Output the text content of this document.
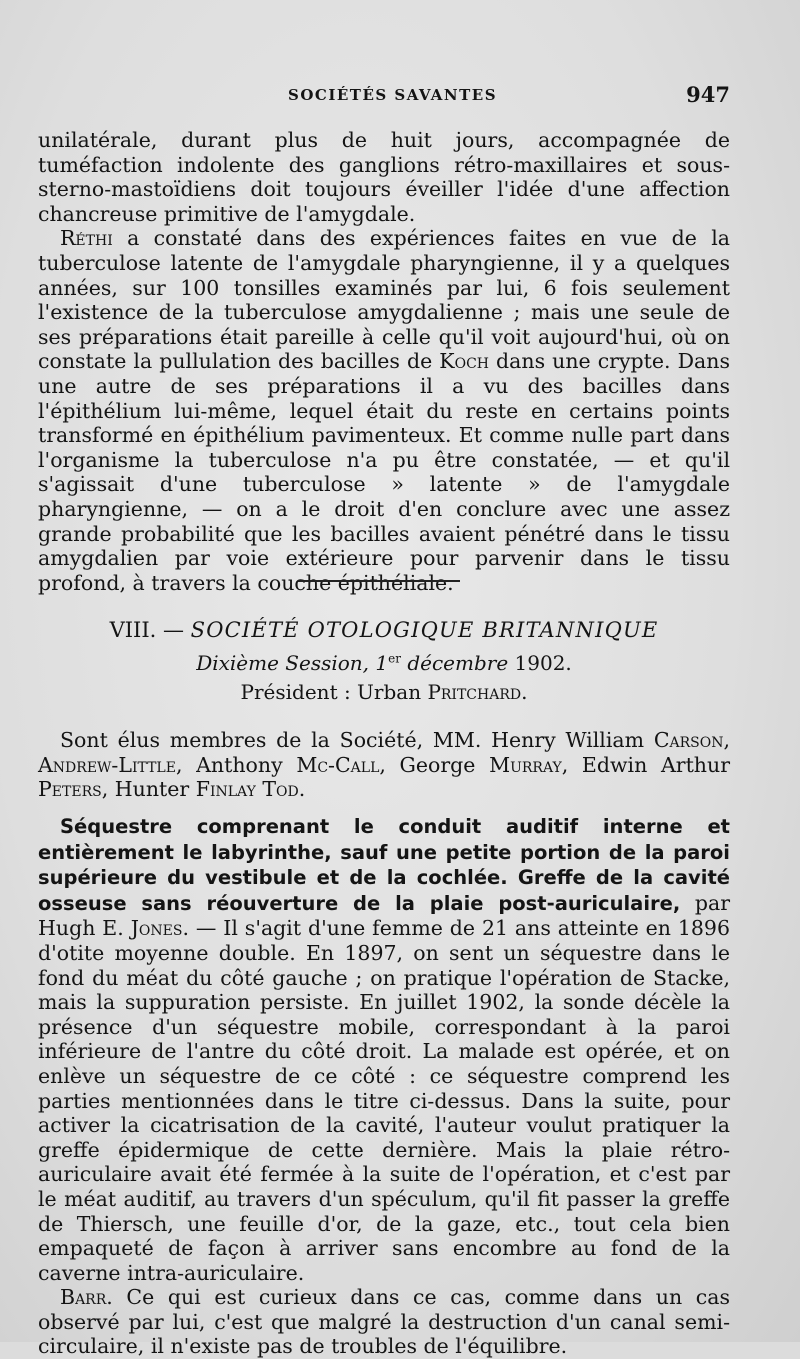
SOCIÉTÉS SAVANTES	947

unilatérale, durant plus de huit jours, accompagnée de tuméfaction indolente des ganglions rétro-maxillaires et sous-sterno-mastoïdiens doit toujours éveiller l'idée d'une affection chancreuse primitive de l'amygdale.

Réthi a constaté dans des expériences faites en vue de la tuberculose latente de l'amygdale pharyngienne, il y a quelques années, sur 100 tonsilles examinés par lui, 6 fois seulement l'existence de la tuberculose amygdalienne ; mais une seule de ses préparations était pareille à celle qu'il voit aujourd'hui, où on constate la pullulation des bacilles de Koch dans une crypte. Dans une autre de ses préparations il a vu des bacilles dans l'épithélium lui-même, lequel était du reste en certains points transformé en épithélium pavimenteux. Et comme nulle part dans l'organisme la tuberculose n'a pu être constatée, — et qu'il s'agissait d'une tuberculose » latente » de l'amygdale pharyngienne, — on a le droit d'en conclure avec une assez grande probabilité que les bacilles avaient pénétré dans le tissu amygdalien par voie extérieure pour parvenir dans le tissu profond, à travers la couche épithéliale.

VIII. — SOCIÉTÉ OTOLOGIQUE BRITANNIQUE
Dixième Session, 1er décembre 1902.
Président : Urban Pritchard.

Sont élus membres de la Société, MM. Henry William Carson, Andrew-Little, Anthony Mc-Call, George Murray, Edwin Arthur Peters, Hunter Finlay Tod.

Séquestre comprenant le conduit auditif interne et entièrement le labyrinthe, sauf une petite portion de la paroi supérieure du vestibule et de la cochlée. Greffe de la cavité osseuse sans réouverture de la plaie post-auriculaire, par Hugh E. Jones. — Il s'agit d'une femme de 21 ans atteinte en 1896 d'otite moyenne double. En 1897, on sent un séquestre dans le fond du méat du côté gauche ; on pratique l'opération de Stacke, mais la suppuration persiste. En juillet 1902, la sonde décèle la présence d'un séquestre mobile, correspondant à la paroi inférieure de l'antre du côté droit. La malade est opérée, et on enlève un séquestre de ce côté : ce séquestre comprend les parties mentionnées dans le titre ci-dessus. Dans la suite, pour activer la cicatrisation de la cavité, l'auteur voulut pratiquer la greffe épidermique de cette dernière. Mais la plaie rétro-auriculaire avait été fermée à la suite de l'opération, et c'est par le méat auditif, au travers d'un spéculum, qu'il fit passer la greffe de Thiersch, une feuille d'or, de la gaze, etc., tout cela bien empaqueté de façon à arriver sans encombre au fond de la caverne intra-auriculaire.

Barr. Ce qui est curieux dans ce cas, comme dans un cas observé par lui, c'est que malgré la destruction d'un canal semi-circulaire, il n'existe pas de troubles de l'équilibre.
